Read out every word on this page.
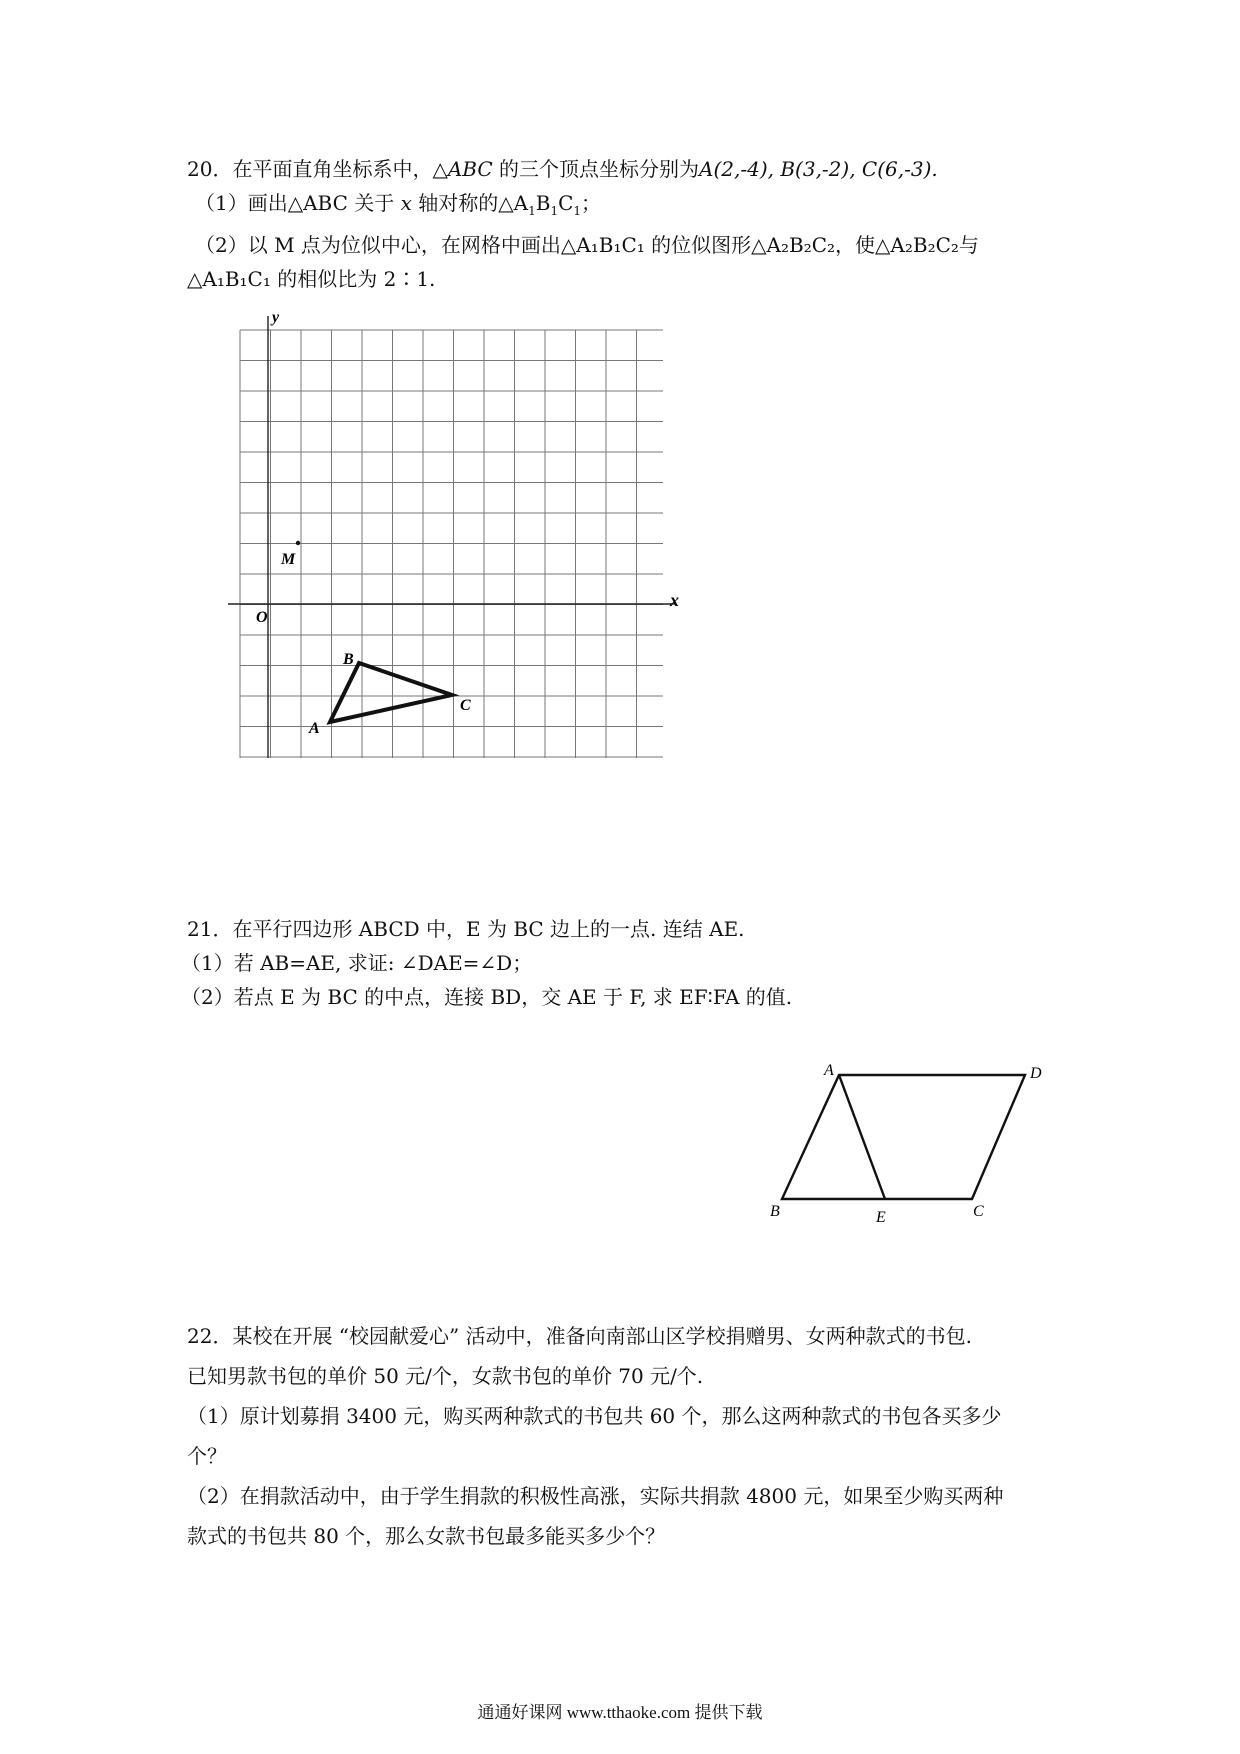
20．在平面直角坐标系中，△ABC 的三个顶点坐标分别为A(2,-4), B(3,-2), C(6,-3).

（1）画出△ABC 关于 x 轴对称的$\triangle A_1B_1C_1$；

（2）以 M 点为位似中心，在网格中画出△A₁B₁C₁ 的位似图形△A₂B₂C₂，使△A₂B₂C₂与

△A₁B₁C₁ 的相似比为 2∶1.

y
x
O
M
A
B
C

21．在平行四边形 ABCD 中，E 为 BC 边上的一点. 连结 AE.

（1）若 AB=AE, 求证: ∠DAE=∠D；

（2）若点 E 为 BC 的中点，连接 BD，交 AE 于 F, 求 EF∶FA 的值.

A	D
B	E	C

22．某校在开展 “校园献爱心” 活动中，准备向南部山区学校捐赠男、女两种款式的书包.

已知男款书包的单价 50 元/个，女款书包的单价 70 元/个.

（1）原计划募捐 3400 元，购买两种款式的书包共 60 个，那么这两种款式的书包各买多少

个？

（2）在捐款活动中，由于学生捐款的积极性高涨，实际共捐款 4800 元，如果至少购买两种

款式的书包共 80 个，那么女款书包最多能买多少个？

通通好课网 www.tthaoke.com 提供下载
